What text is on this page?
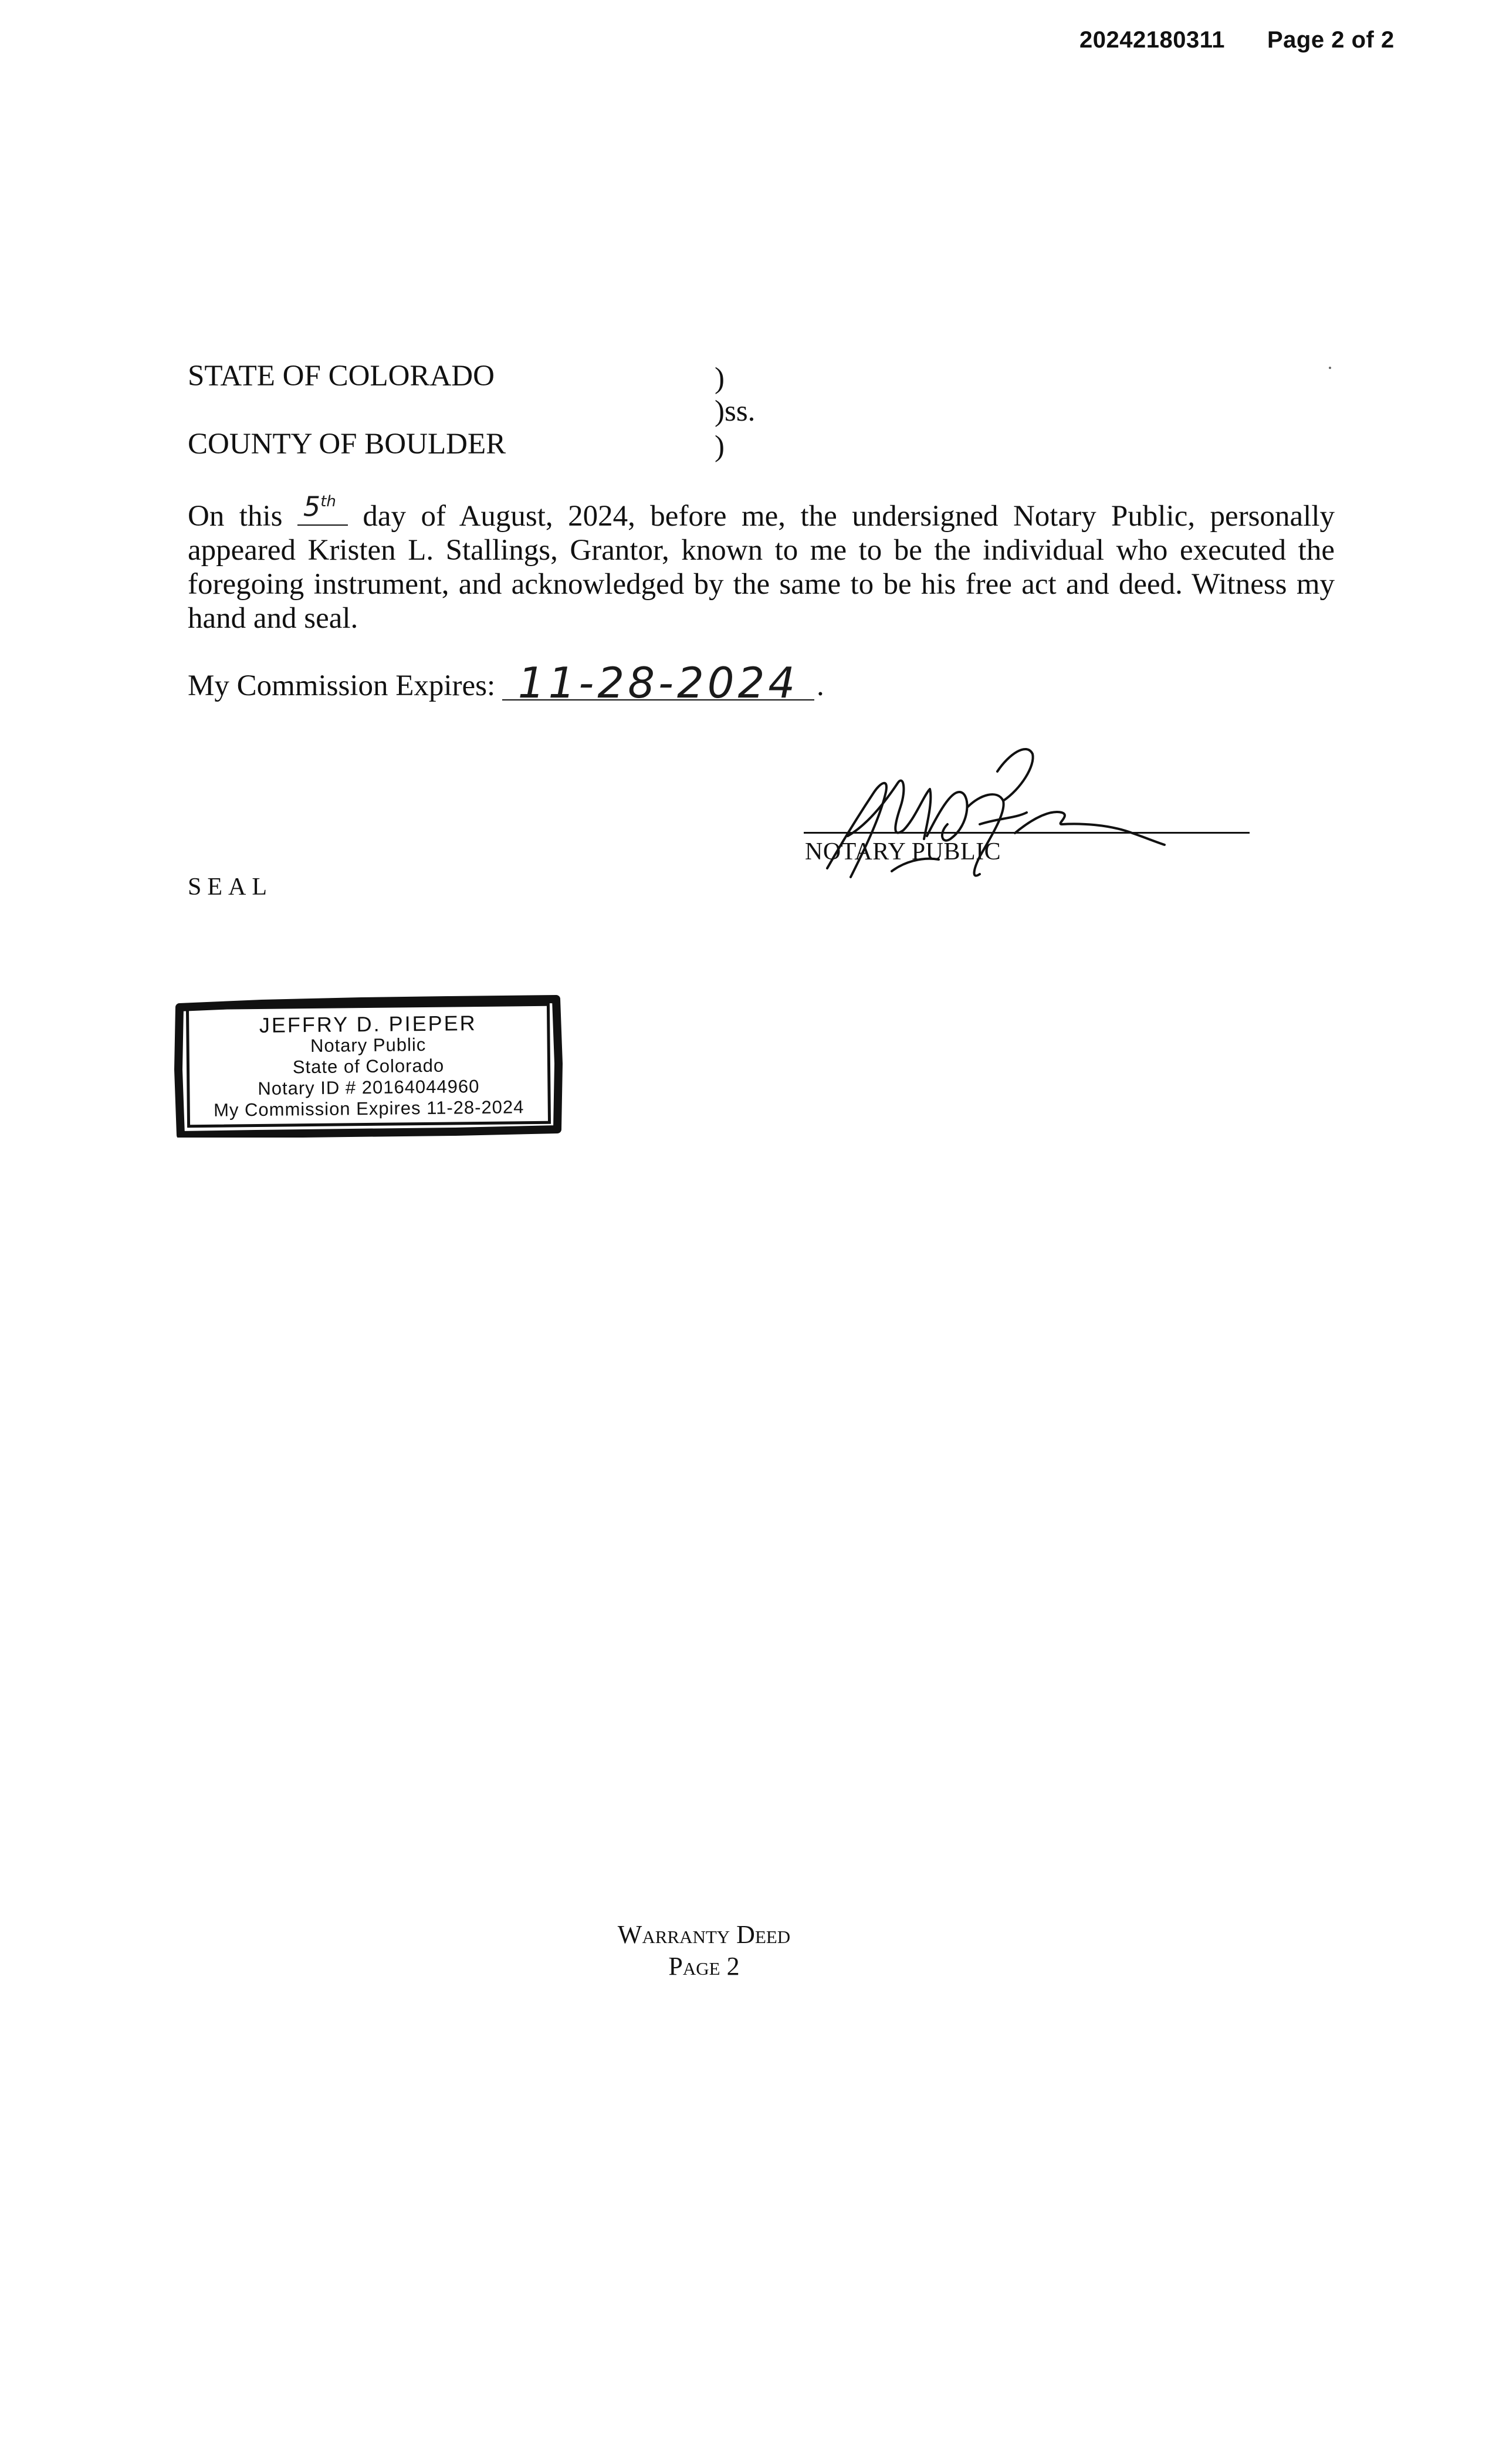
20242180311 Page 2 of 2
STATE OF COLORADO
COUNTY OF BOULDER
)
)ss.
)
On this 5th day of August, 2024, before me, the undersigned Notary Public, personally appeared Kristen L. Stallings, Grantor, known to me to be the individual who executed the foregoing instrument, and acknowledged by the same to be his free act and deed. Witness my hand and seal.
My Commission Expires: 11-28-2024 .
NOTARY PUBLIC
SEAL
JEFFRY D. PIEPER
Notary Public
State of Colorado
Notary ID # 20164044960
My Commission Expires 11-28-2024
Warranty Deed
Page 2
